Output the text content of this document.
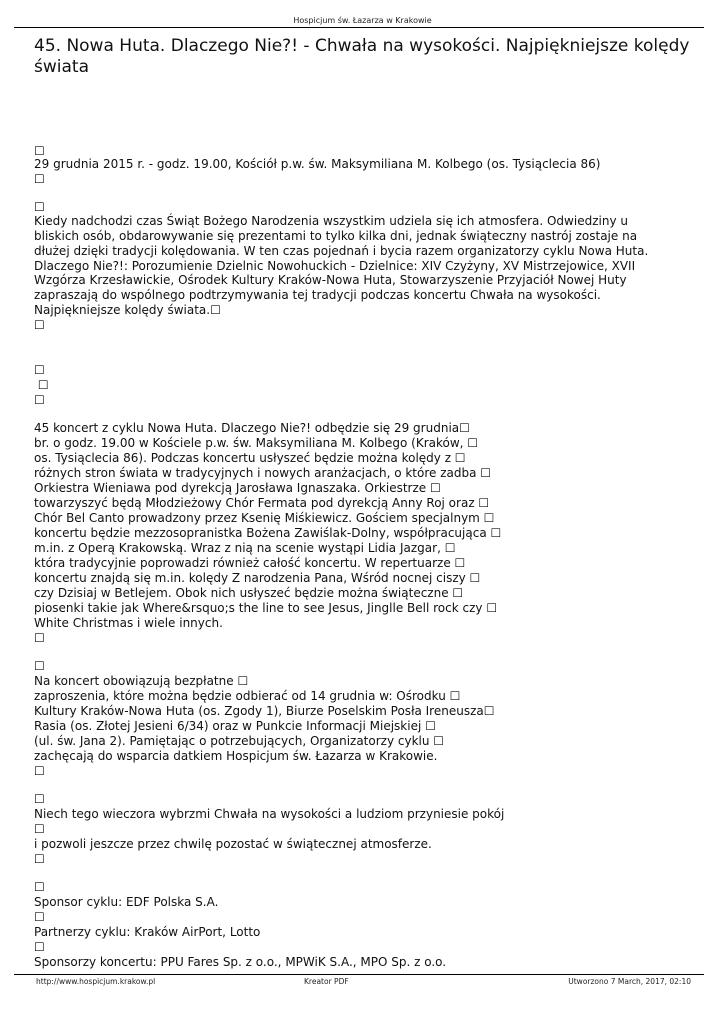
Hospicjum św. Łazarza w Krakowie
45. Nowa Huta. Dlaczego Nie?! - Chwała na wysokości. Najpiękniejsze kolędy świata
☐
29 grudnia 2015 r. - godz. 19.00, Kościół p.w. św. Maksymiliana M. Kolbego (os. Tysiąclecia 86)
☐
☐
Kiedy nadchodzi czas Świąt Bożego Narodzenia wszystkim udziela się ich atmosfera. Odwiedziny u
bliskich osób, obdarowywanie się prezentami to tylko kilka dni, jednak świąteczny nastrój zostaje na
dłużej dzięki tradycji kolędowania. W ten czas pojednań i bycia razem organizatorzy cyklu Nowa Huta.
Dlaczego Nie?!: Porozumienie Dzielnic Nowohuckich - Dzielnice: XIV Czyżyny, XV Mistrzejowice, XVII
Wzgórza Krzesławickie, Ośrodek Kultury Kraków-Nowa Huta, Stowarzyszenie Przyjaciół Nowej Huty
zapraszają do wspólnego podtrzymywania tej tradycji podczas koncertu Chwała na wysokości.
Najpiękniejsze kolędy świata.☐
☐
☐
☐
☐
45 koncert z cyklu Nowa Huta. Dlaczego Nie?! odbędzie się 29 grudnia☐
br. o godz. 19.00 w Kościele p.w. św. Maksymiliana M. Kolbego (Kraków, ☐
os. Tysiąclecia 86). Podczas koncertu usłyszeć będzie można kolędy z ☐
różnych stron świata w tradycyjnych i nowych aranżacjach, o które zadba ☐
Orkiestra Wieniawa pod dyrekcją Jarosława Ignaszaka. Orkiestrze ☐
towarzyszyć będą Młodzieżowy Chór Fermata pod dyrekcją Anny Roj oraz ☐
Chór Bel Canto prowadzony przez Ksenię Miśkiewicz. Gościem specjalnym ☐
koncertu będzie mezzosopranistka Bożena Zawiślak-Dolny, współpracująca ☐
m.in. z Operą Krakowską. Wraz z nią na scenie wystąpi Lidia Jazgar, ☐
która tradycyjnie poprowadzi również całość koncertu. W repertuarze ☐
koncertu znajdą się m.in. kolędy Z narodzenia Pana, Wśród nocnej ciszy ☐
czy Dzisiaj w Betlejem. Obok nich usłyszeć będzie można świąteczne ☐
piosenki takie jak Where&rsquo;s the line to see Jesus, Jinglle Bell rock czy ☐
White Christmas i wiele innych.
☐
☐
Na koncert obowiązują bezpłatne ☐
zaproszenia, które można będzie odbierać od 14 grudnia w: Ośrodku ☐
Kultury Kraków-Nowa Huta (os. Zgody 1), Biurze Poselskim Posła Ireneusza☐
Rasia (os. Złotej Jesieni 6/34) oraz w Punkcie Informacji Miejskiej ☐
(ul. św. Jana 2). Pamiętając o potrzebujących, Organizatorzy cyklu ☐
zachęcają do wsparcia datkiem Hospicjum św. Łazarza w Krakowie.
☐
☐
Niech tego wieczora wybrzmi Chwała na wysokości a ludziom przyniesie pokój
☐
i pozwoli jeszcze przez chwilę pozostać w świątecznej atmosferze.
☐
☐
Sponsor cyklu: EDF Polska S.A.
☐
Partnerzy cyklu: Kraków AirPort, Lotto
☐
Sponsorzy koncertu: PPU Fares Sp. z o.o., MPWiK S.A., MPO Sp. z o.o.
http://www.hospicjum.krakow.pl	Kreator PDF	Utworzono 7 March, 2017, 02:10
